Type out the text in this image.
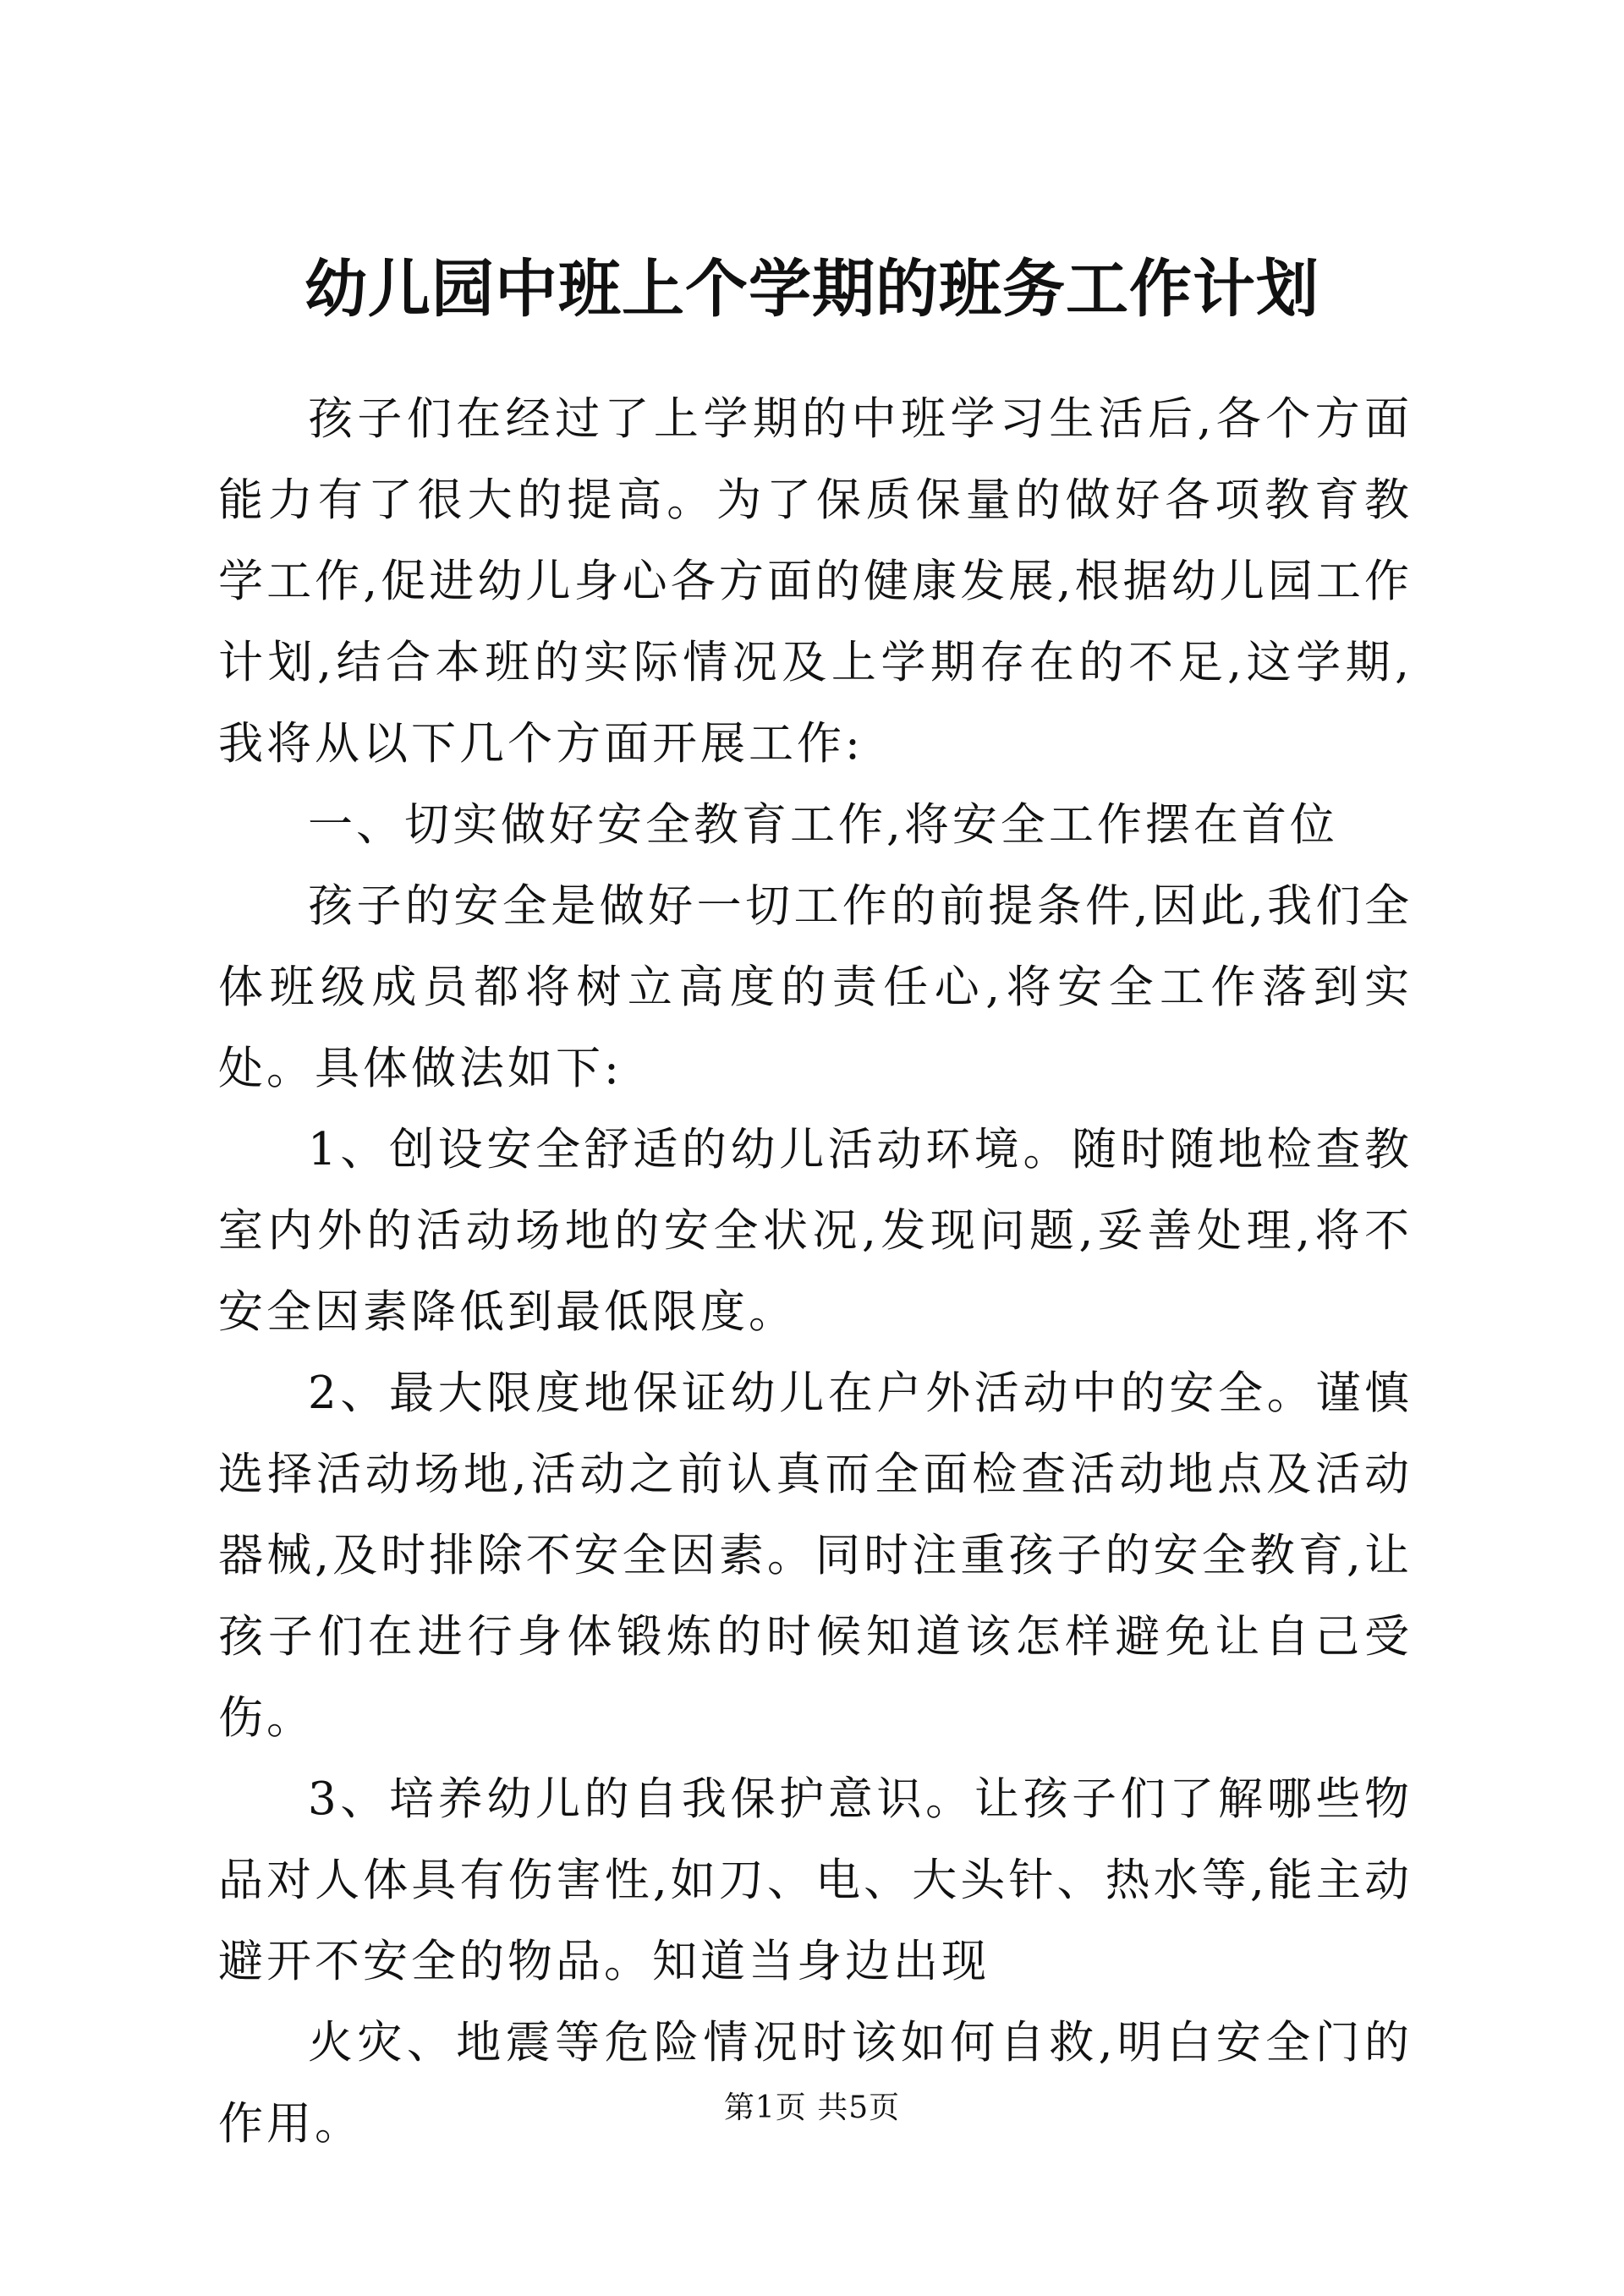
幼儿园中班上个学期的班务工作计划

孩子们在经过了上学期的中班学习生活后,各个方面能力有了很大的提高。为了保质保量的做好各项教育教学工作,促进幼儿身心各方面的健康发展,根据幼儿园工作计划,结合本班的实际情况及上学期存在的不足,这学期,我将从以下几个方面开展工作:

一、切实做好安全教育工作,将安全工作摆在首位

孩子的安全是做好一切工作的前提条件,因此,我们全体班级成员都将树立高度的责任心,将安全工作落到实处。具体做法如下:

1、创设安全舒适的幼儿活动环境。随时随地检查教室内外的活动场地的安全状况,发现问题,妥善处理,将不安全因素降低到最低限度。

2、最大限度地保证幼儿在户外活动中的安全。谨慎选择活动场地,活动之前认真而全面检查活动地点及活动器械,及时排除不安全因素。同时注重孩子的安全教育,让孩子们在进行身体锻炼的时候知道该怎样避免让自己受伤。

3、培养幼儿的自我保护意识。让孩子们了解哪些物品对人体具有伤害性,如刀、电、大头针、热水等,能主动避开不安全的物品。知道当身边出现

火灾、地震等危险情况时该如何自救,明白安全门的作用。	第1页 共5页
